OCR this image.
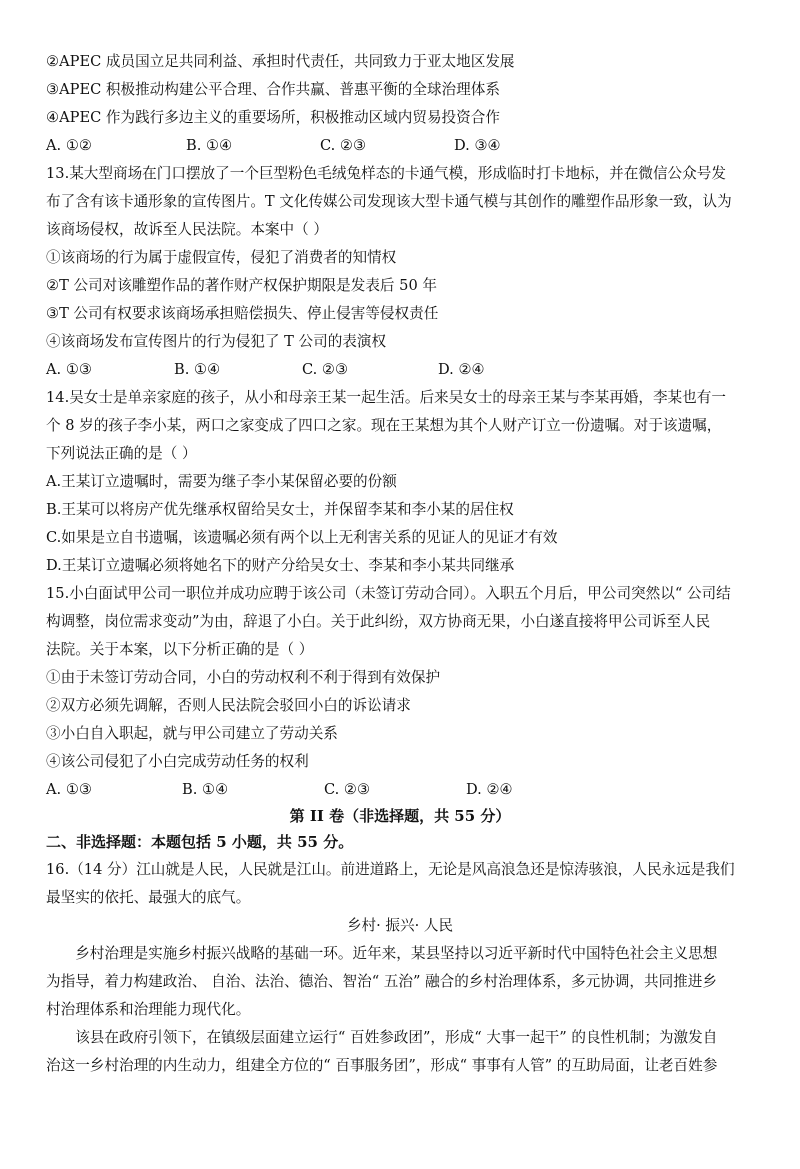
②APEC 成员国立足共同利益、承担时代责任，共同致力于亚太地区发展
③APEC 积极推动构建公平合理、合作共赢、普惠平衡的全球治理体系
④APEC 作为践行多边主义的重要场所，积极推动区域内贸易投资合作
A. ①②	B. ①④	C. ②③	D. ③④
13.某大型商场在门口摆放了一个巨型粉色毛绒兔样态的卡通气模，形成临时打卡地标，并在微信公众号发
布了含有该卡通形象的宣传图片。T 文化传媒公司发现该大型卡通气模与其创作的雕塑作品形象一致，认为
该商场侵权，故诉至人民法院。本案中（ ）
①该商场的行为属于虚假宣传，侵犯了消费者的知情权
②T 公司对该雕塑作品的著作财产权保护期限是发表后 50 年
③T 公司有权要求该商场承担赔偿损失、停止侵害等侵权责任
④该商场发布宣传图片的行为侵犯了 T 公司的表演权
A. ①③	B. ①④	C. ②③	D. ②④
14.吴女士是单亲家庭的孩子，从小和母亲王某一起生活。后来吴女士的母亲王某与李某再婚，李某也有一
个 8 岁的孩子李小某，两口之家变成了四口之家。现在王某想为其个人财产订立一份遗嘱。对于该遗嘱，
下列说法正确的是（ ）
A.王某订立遗嘱时，需要为继子李小某保留必要的份额
B.王某可以将房产优先继承权留给吴女士，并保留李某和李小某的居住权
C.如果是立自书遗嘱，该遗嘱必须有两个以上无利害关系的见证人的见证才有效
D.王某订立遗嘱必须将她名下的财产分给吴女士、李某和李小某共同继承
15.小白面试甲公司一职位并成功应聘于该公司（未签订劳动合同）。入职五个月后，甲公司突然以“ 公司结
构调整，岗位需求变动”为由，辞退了小白。关于此纠纷，双方协商无果，小白遂直接将甲公司诉至人民
法院。关于本案，以下分析正确的是（ ）
①由于未签订劳动合同，小白的劳动权利不利于得到有效保护
②双方必须先调解，否则人民法院会驳回小白的诉讼请求
③小白自入职起，就与甲公司建立了劳动关系
④该公司侵犯了小白完成劳动任务的权利
A. ①③	B. ①④	C. ②③	D. ②④
第 II 卷（非选择题，共 55 分）
二、非选择题：本题包括 5 小题，共 55 分。
16.（14 分）江山就是人民，人民就是江山。前进道路上，无论是风高浪急还是惊涛骇浪，人民永远是我们
最坚实的依托、最强大的底气。
乡村· 振兴· 人民
乡村治理是实施乡村振兴战略的基础一环。近年来，某县坚持以习近平新时代中国特色社会主义思想
为指导，着力构建政治、 自治、法治、德治、智治“ 五治” 融合的乡村治理体系，多元协调，共同推进乡
村治理体系和治理能力现代化。
该县在政府引领下，在镇级层面建立运行“ 百姓参政团”，形成“ 大事一起干” 的良性机制；为激发自
治这一乡村治理的内生动力，组建全方位的“ 百事服务团”，形成“ 事事有人管” 的互助局面，让老百姓参
